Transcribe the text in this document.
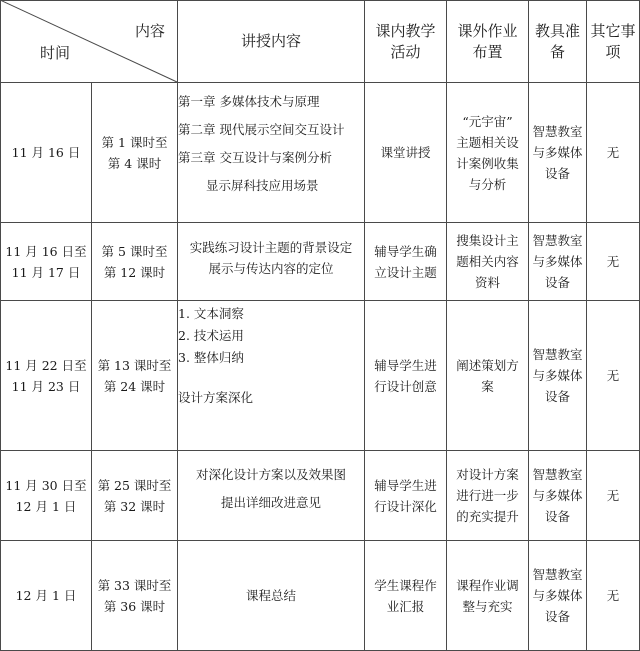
内容
时间
讲授内容
课内教学
活动
课外作业
布置
教具准
备
其它事
项
11 月 16 日
第 1 课时至
第 4 课时
第一章 多媒体技术与原理
第二章 现代展示空间交互设计
第三章 交互设计与案例分析
显示屏科技应用场景
课堂讲授
“元宇宙”
主题相关设
计案例收集
与分析
智慧教室
与多媒体
设备
无
11 月 16 日至
11 月 17 日
第 5 课时至
第 12 课时
实践练习设计主题的背景设定
展示与传达内容的定位
辅导学生确
立设计主题
搜集设计主
题相关内容
资料
智慧教室
与多媒体
设备
无
11 月 22 日至
11 月 23 日
第 13 课时至
第 24 课时
1. 文本洞察
2. 技术运用
3. 整体归纳
设计方案深化
辅导学生进
行设计创意
阐述策划方
案
智慧教室
与多媒体
设备
无
11 月 30 日至
12 月 1 日
第 25 课时至
第 32 课时
对深化设计方案以及效果图
提出详细改进意见
辅导学生进
行设计深化
对设计方案
进行进一步
的充实提升
智慧教室
与多媒体
设备
无
12 月 1 日
第 33 课时至
第 36 课时
课程总结
学生课程作
业汇报
课程作业调
整与充实
智慧教室
与多媒体
设备
无
